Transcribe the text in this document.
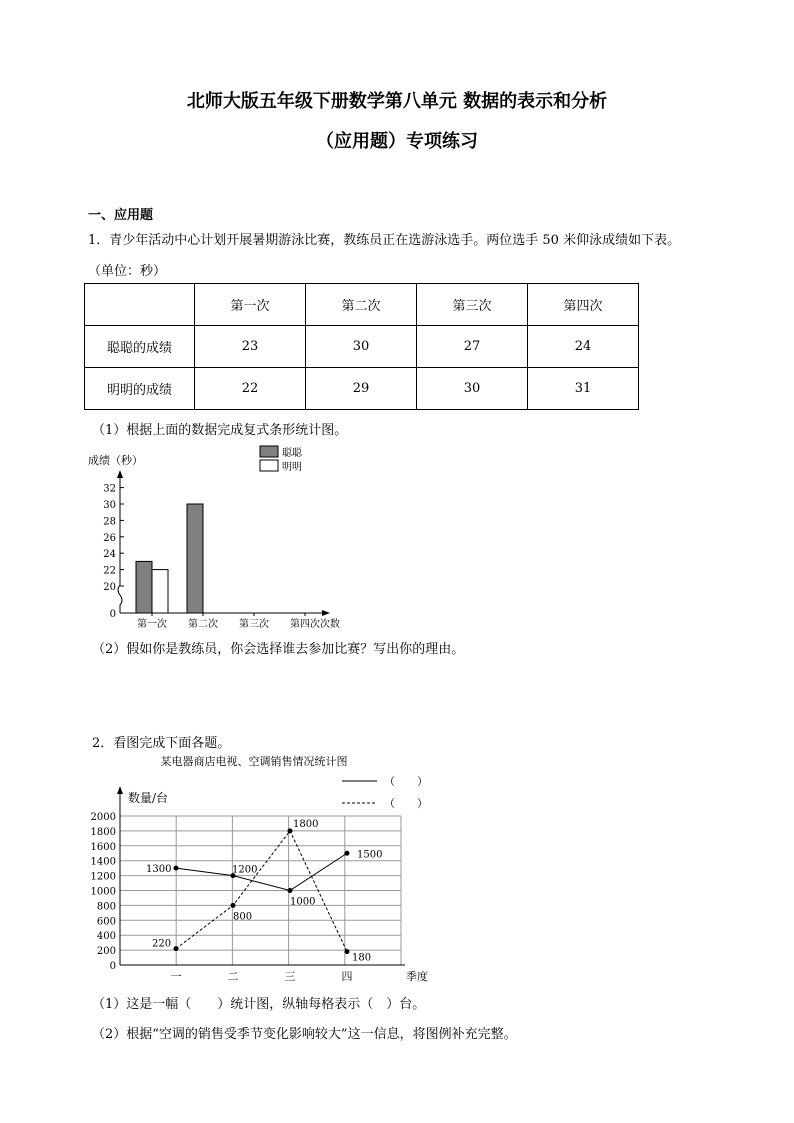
北师大版五年级下册数学第八单元 数据的表示和分析
（应用题）专项练习
一、应用题
1．青少年活动中心计划开展暑期游泳比赛，教练员正在选游泳选手。两位选手 50 米仰泳成绩如下表。
（单位：秒）
	第一次	第二次	第三次	第四次
聪聪的成绩	23	30	27	24
明明的成绩	22	29	30	31
（1）根据上面的数据完成复式条形统计图。
成绩（秒）
0
20
22
24
26
28
30
32
第一次 第二次 第三次 第四次 次数
聪聪
明明
（2）假如你是教练员，你会选择谁去参加比赛？写出你的理由。
2．看图完成下面各题。
某电器商店电视、空调销售情况统计图
数量/台
0
200
400
600
800
1000
1200
1400
1600
1800
2000
一	二	三	四	季度
1300	1200
1000
1500
（　　）
220
800
1800
180
（　　）
（1）这是一幅（　　）统计图，纵轴每格表示（　）台。
（2）根据“空调的销售受季节变化影响较大”这一信息，将图例补充完整。
